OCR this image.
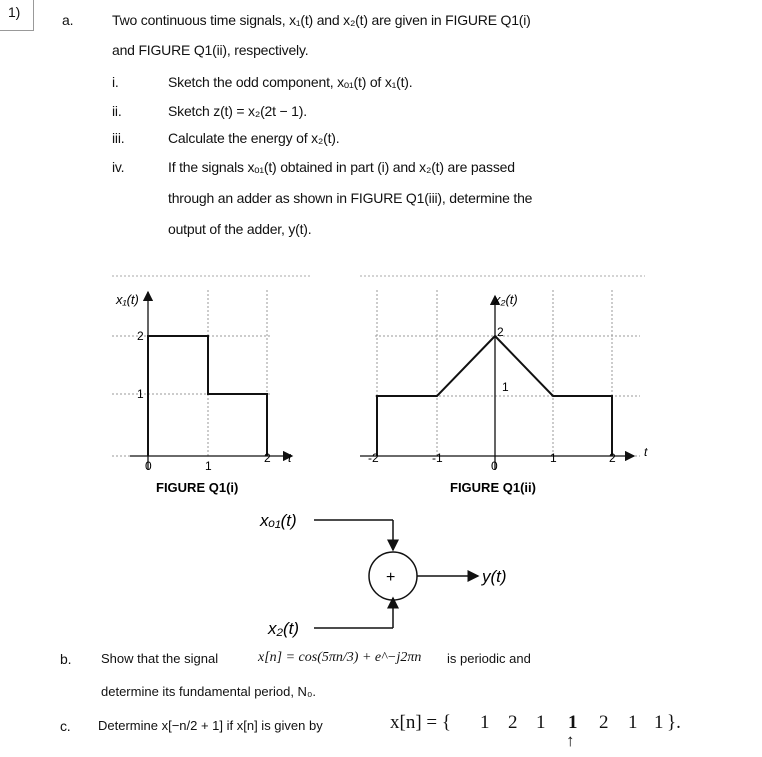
1)	a.	Two continuous time signals, x₁(t) and x₂(t) are given in FIGURE Q1(i)
and FIGURE Q1(ii), respectively.
i.	Sketch the odd component, xₒ₁(t) of x₁(t).
ii.	Sketch z(t) = x₂(2t − 1).
iii.	Calculate the energy of x₂(t).
iv.	If the signals xₒ₁(t) obtained in part (i) and x₂(t) are passed
through an adder as shown in FIGURE Q1(iii), determine the
output of the adder, y(t).
x₁(t)
2
1
0	1
2 t
FIGURE Q1(i)
x₂(t)
2
1
-2	-1
0
1	2 t
FIGURE Q1(ii)
+
xₒ₁(t)
x₂(t)
y(t)
b. Show that the signal	x[n] = cos(5πn/3) + e^−j2πn is periodic and
determine its fundamental period, N₀.
c. Determine x[−n/2 + 1] if x[n] is given by	x[n] = { 1 2 1 1 2 1 1 }.
↑
